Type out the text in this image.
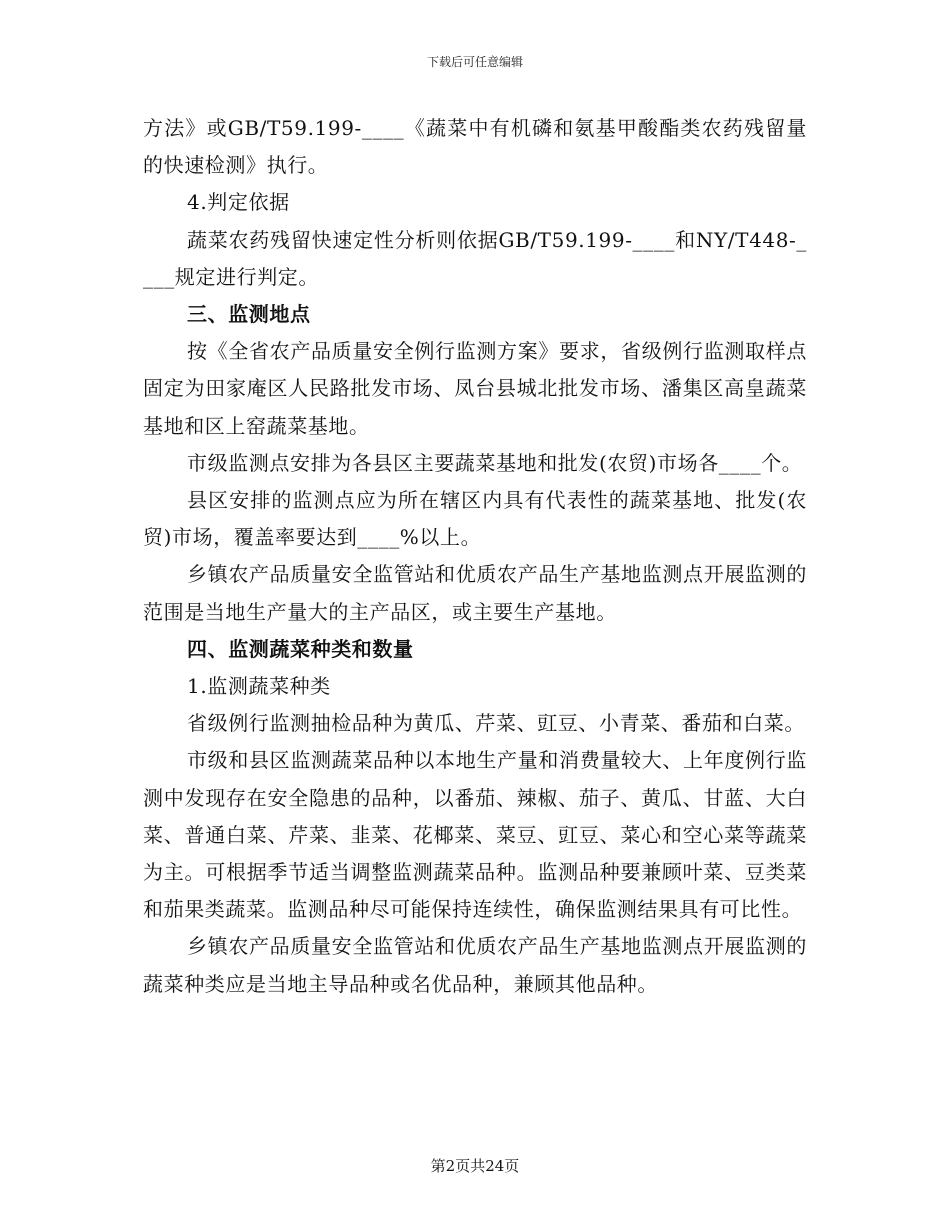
下载后可任意编辑

方法》或GB/T59.199-____《蔬菜中有机磷和氨基甲酸酯类农药残留量的快速检测》执行。

4.判定依据

蔬菜农药残留快速定性分析则依据GB/T59.199-____和NY/T448-____规定进行判定。

三、监测地点

按《全省农产品质量安全例行监测方案》要求，省级例行监测取样点固定为田家庵区人民路批发市场、凤台县城北批发市场、潘集区高皇蔬菜基地和区上窑蔬菜基地。

市级监测点安排为各县区主要蔬菜基地和批发(农贸)市场各____个。

县区安排的监测点应为所在辖区内具有代表性的蔬菜基地、批发(农贸)市场，覆盖率要达到____%以上。

乡镇农产品质量安全监管站和优质农产品生产基地监测点开展监测的范围是当地生产量大的主产品区，或主要生产基地。

四、监测蔬菜种类和数量

1.监测蔬菜种类

省级例行监测抽检品种为黄瓜、芹菜、豇豆、小青菜、番茄和白菜。

市级和县区监测蔬菜品种以本地生产量和消费量较大、上年度例行监测中发现存在安全隐患的品种，以番茄、辣椒、茄子、黄瓜、甘蓝、大白菜、普通白菜、芹菜、韭菜、花椰菜、菜豆、豇豆、菜心和空心菜等蔬菜为主。可根据季节适当调整监测蔬菜品种。监测品种要兼顾叶菜、豆类菜和茄果类蔬菜。监测品种尽可能保持连续性，确保监测结果具有可比性。

乡镇农产品质量安全监管站和优质农产品生产基地监测点开展监测的蔬菜种类应是当地主导品种或名优品种，兼顾其他品种。

第2页共24页
